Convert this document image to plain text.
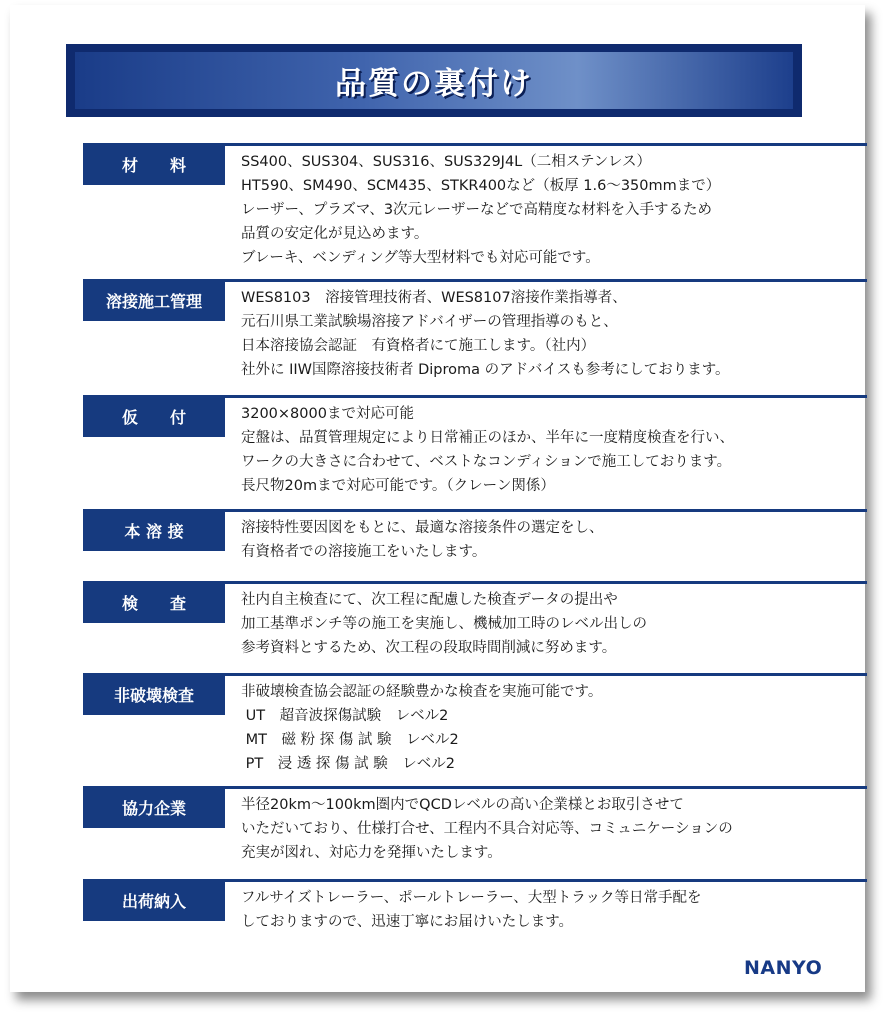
品質の裏付け
材　　料	SS400、SUS304、SUS316、SUS329J4L（二相ステンレス）
HT590、SM490、SCM435、STKR400など（板厚 1.6～350mmまで）
レーザー、プラズマ、3次元レーザーなどで高精度な材料を入手するため
品質の安定化が見込めます。
ブレーキ、ベンディング等大型材料でも対応可能です。
溶接施工管理	WES8103　溶接管理技術者、WES8107溶接作業指導者、
元石川県工業試験場溶接アドバイザーの管理指導のもと、
日本溶接協会認証　有資格者にて施工します。（社内）
社外に IIW国際溶接技術者 Diproma のアドバイスも参考にしております。
仮　　付	3200×8000まで対応可能
定盤は、品質管理規定により日常補正のほか、半年に一度精度検査を行い、
ワークの大きさに合わせて、ベストなコンディションで施工しております。
長尺物20mまで対応可能です。（クレーン関係）
本 溶 接	溶接特性要因図をもとに、最適な溶接条件の選定をし、
有資格者での溶接施工をいたします。
検　　査	社内自主検査にて、次工程に配慮した検査データの提出や
加工基準ポンチ等の施工を実施し、機械加工時のレベル出しの
参考資料とするため、次工程の段取時間削減に努めます。
非破壊検査	非破壊検査協会認証の経験豊かな検査を実施可能です。
UT　超音波探傷試験　レベル2
MT　磁 粉 探 傷 試 験　レベル2
PT　浸 透 探 傷 試 験　レベル2
協力企業	半径20km～100km圏内でQCDレベルの高い企業様とお取引させて
いただいており、仕様打合せ、工程内不具合対応等、コミュニケーションの
充実が図れ、対応力を発揮いたします。
出荷納入	フルサイズトレーラー、ポールトレーラー、大型トラック等日常手配を
しておりますので、迅速丁寧にお届けいたします。
NANYO
